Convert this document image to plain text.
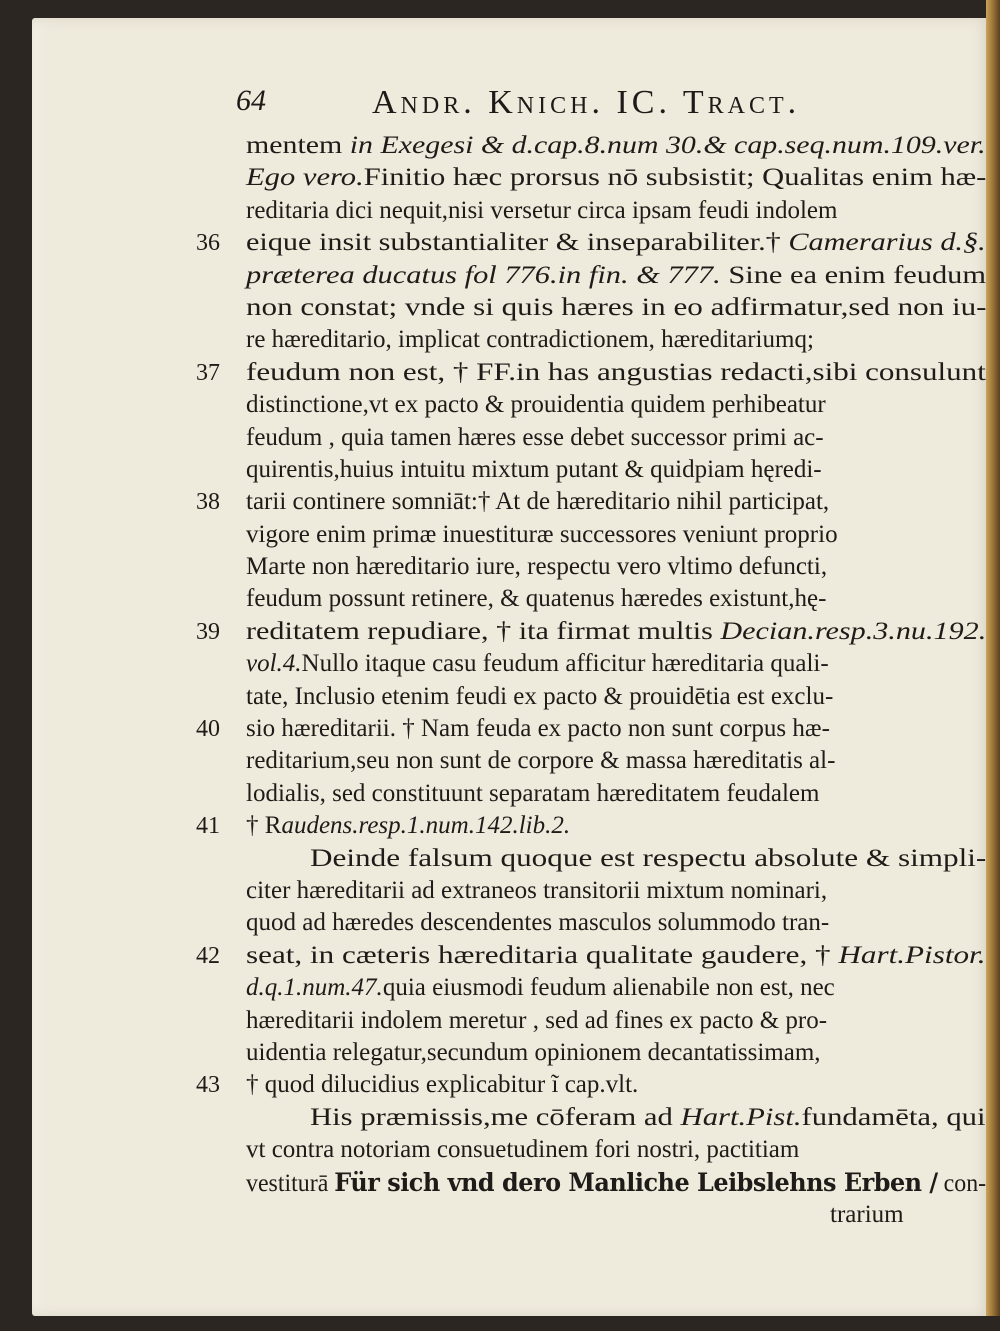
64	Andr. Knich. IC. Tract.
mentem in Exegesi & d.cap.8.num 30.& cap.seq.num.109.ver.
Ego vero.Finitio hæc prorsus nō subsistit; Qualitas enim hæ-
reditaria dici nequit,nisi versetur circa ipsam feudi indolem
36	eique insit substantialiter & inseparabiliter.† Camerarius d.§.
præterea ducatus fol 776.in fin. & 777. Sine ea enim feudum
non constat; vnde si quis hæres in eo adfirmatur,sed non iu-
re hæreditario, implicat contradictionem, hæreditariumq;
37	feudum non est, † FF.in has angustias redacti,sibi consulunt
distinctione,vt ex pacto & prouidentia quidem perhibeatur
feudum , quia tamen hæres esse debet successor primi ac-
quirentis,huius intuitu mixtum putant & quidpiam hęredi-
38	tarii continere somniāt:† At de hæreditario nihil participat,
vigore enim primæ inuestituræ successores veniunt proprio
Marte non hæreditario iure, respectu vero vltimo defuncti,
feudum possunt retinere, & quatenus hæredes existunt,hę-
39	reditatem repudiare, † ita firmat multis Decian.resp.3.nu.192.
vol.4.Nullo itaque casu feudum afficitur hæreditaria quali-
tate, Inclusio etenim feudi ex pacto & prouidētia est exclu-
40	sio hæreditarii. † Nam feuda ex pacto non sunt corpus hæ-
reditarium,seu non sunt de corpore & massa hæreditatis al-
lodialis, sed constituunt separatam hæreditatem feudalem
41	† Raudens.resp.1.num.142.lib.2.
Deinde falsum quoque est respectu absolute & simpli-
citer hæreditarii ad extraneos transitorii mixtum nominari,
quod ad hæredes descendentes masculos solummodo tran-
42	seat, in cæteris hæreditaria qualitate gaudere, † Hart.Pistor.
d.q.1.num.47.quia eiusmodi feudum alienabile non est, nec
hæreditarii indolem meretur , sed ad fines ex pacto & pro-
uidentia relegatur,secundum opinionem decantatissimam,
43	† quod dilucidius explicabitur ĩ cap.vlt.
His præmissis,me cōferam ad Hart.Pist.fundamēta, qui
vt contra notoriam consuetudinem fori nostri, pactitiam
vestiturā Für sich vnd dero Manliche Leibslehns Erben / con-
trarium
